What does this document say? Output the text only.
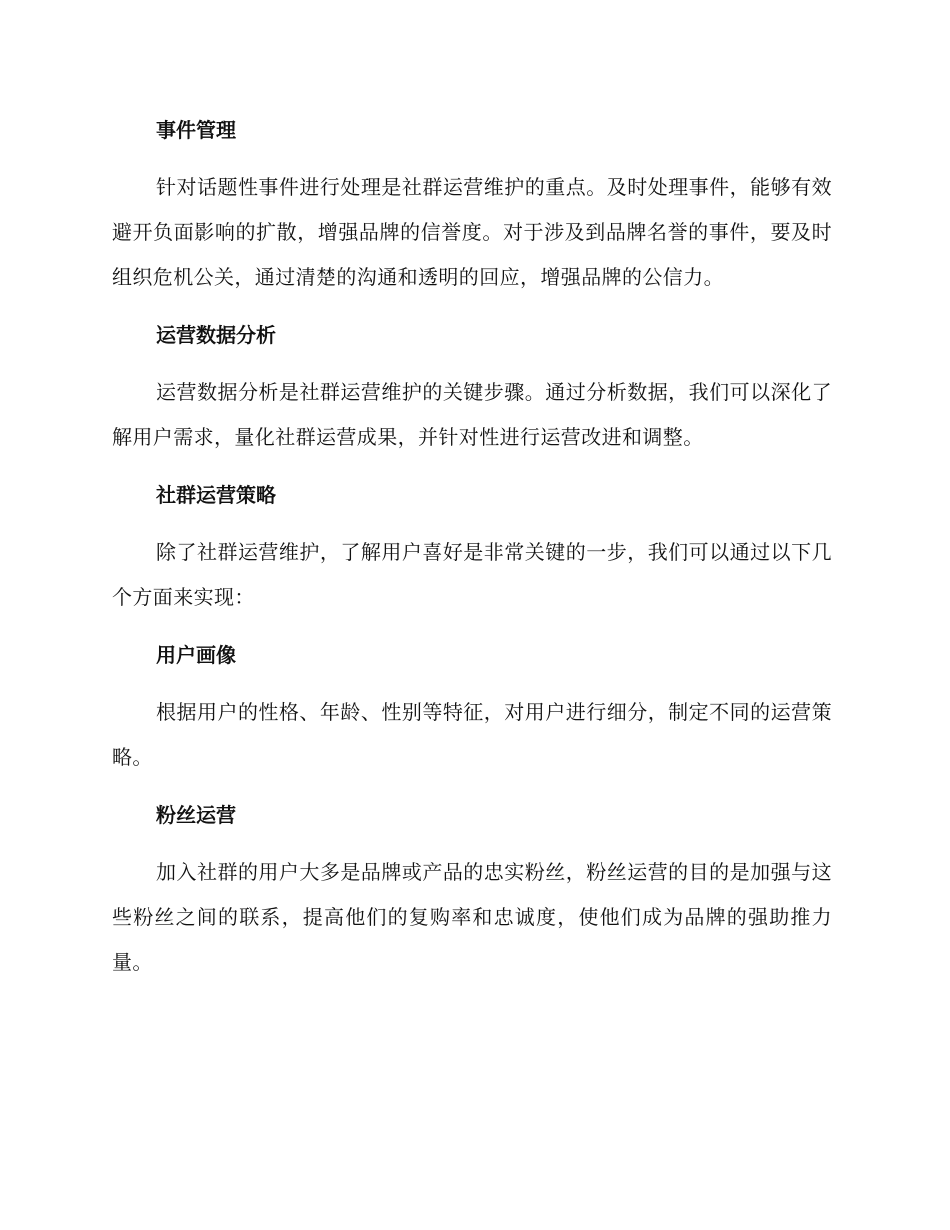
事件管理

针对话题性事件进行处理是社群运营维护的重点。及时处理事件，能够有效避开负面影响的扩散，增强品牌的信誉度。对于涉及到品牌名誉的事件，要及时组织危机公关，通过清楚的沟通和透明的回应，增强品牌的公信力。

运营数据分析

运营数据分析是社群运营维护的关键步骤。通过分析数据，我们可以深化了解用户需求，量化社群运营成果，并针对性进行运营改进和调整。

社群运营策略

除了社群运营维护，了解用户喜好是非常关键的一步，我们可以通过以下几个方面来实现：

用户画像

根据用户的性格、年龄、性别等特征，对用户进行细分，制定不同的运营策略。

粉丝运营

加入社群的用户大多是品牌或产品的忠实粉丝，粉丝运营的目的是加强与这些粉丝之间的联系，提高他们的复购率和忠诚度，使他们成为品牌的强助推力量。
